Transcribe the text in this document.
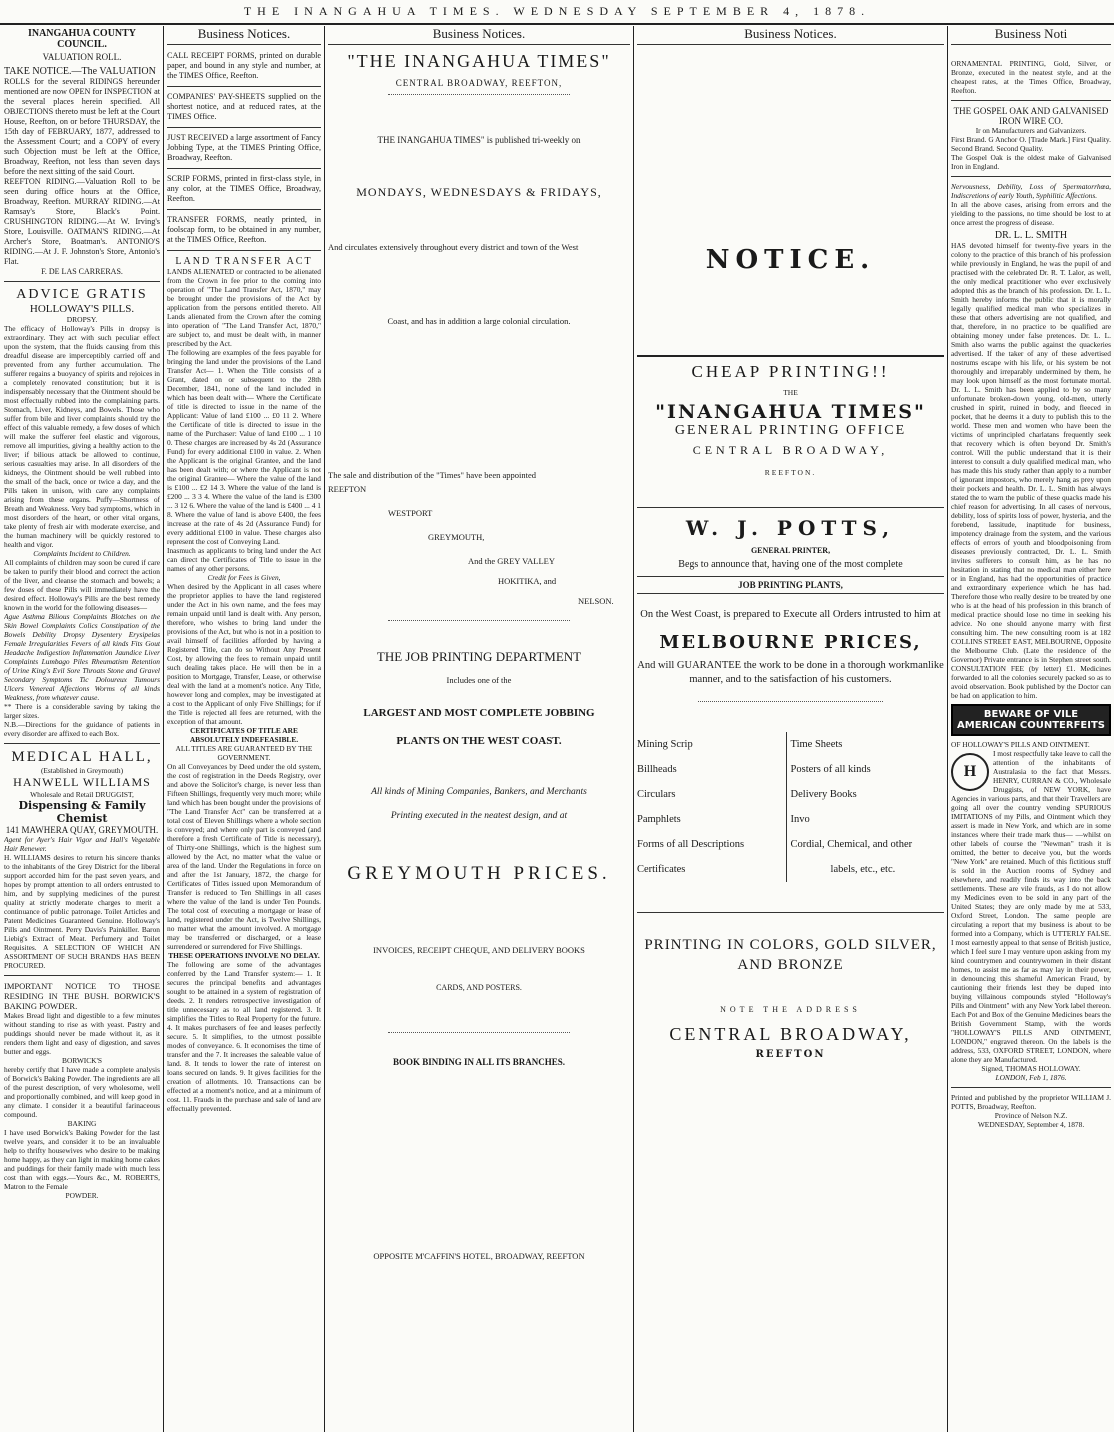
THE INANGAHUA TIMES. WEDNESDAY SEPTEMBER 4, 1878.
INANGAHUA COUNTY COUNCIL.
VALUATION ROLL.
TAKE NOTICE.—The VALUATION
ROLLS for the several RIDINGS hereunder mentioned are now OPEN for INSPECTION at the several places herein specified. All OBJECTIONS thereto must be left at the Court House, Reefton, on or before THURSDAY, the 15th day of FEBRUARY, 1877, addressed to the Assessment Court; and a COPY of every such Objection must be left at the Office, Broadway, Reefton, not less than seven days before the next sitting of the said Court.
REEFTON RIDING.—Valuation Roll to be seen during office hours at the Office, Broadway, Reefton. MURRAY RIDING.—At Ramsay's Store, Black's Point. CRUSHINGTON RIDING.—At W. Irving's Store, Louisville. OATMAN'S RIDING.—At Archer's Store, Boatman's. ANTONIO'S RIDING.—At J. F. Johnston's Store, Antonio's Flat.
F. DE LAS CARRERAS.
ADVICE GRATIS
HOLLOWAY'S PILLS.
DROPSY.
The efficacy of Holloway's Pills in dropsy is extraordinary. They act with such peculiar effect upon the system, that the fluids causing from this dreadful disease are imperceptibly carried off and prevented from any further accumulation. The sufferer regains a buoyancy of spirits and rejoices in a completely renovated constitution; but it is indispensably necessary that the Ointment should be most effectually rubbed into the complaining parts. Stomach, Liver, Kidneys, and Bowels. Those who suffer from bile and liver complaints should try the effect of this valuable remedy, a few doses of which will make the sufferer feel elastic and vigorous, remove all impurities, giving a healthy action to the liver; if bilious attack be allowed to continue, serious casualties may arise. In all disorders of the kidneys, the Ointment should be well rubbed into the small of the back, once or twice a day, and the Pills taken in unison, with care any complaints arising from these organs. Puffy—Shortness of Breath and Weakness. Very bad symptoms, which in most disorders of the heart, or other vital organs, take plenty of fresh air with moderate exercise, and the human machinery will be quickly restored to health and vigor.
Complaints Incident to Children.
All complaints of children may soon be cured if care be taken to purify their blood and correct the action of the liver, and cleanse the stomach and bowels; a few doses of these Pills will immediately have the desired effect. Holloway's Pills are the best remedy known in the world for the following diseases—
Ague Asthma Bilious Complaints Blotches on the Skin Bowel Complaints Colics Constipation of the Bowels Debility Dropsy Dysentery Erysipelas Female Irregularities Fevers of all kinds Fits Gout Headache Indigestion Inflammation Jaundice Liver Complaints Lumbago Piles Rheumatism Retention of Urine King's Evil Sore Throats Stone and Gravel Secondary Symptoms Tic Doloureux Tumours Ulcers Venereal Affections Worms of all kinds Weakness, from whatever cause.
** There is a considerable saving by taking the larger sizes.
N.B.—Directions for the guidance of patients in every disorder are affixed to each Box.
MEDICAL HALL,
(Established in Greymouth)
HANWELL WILLIAMS
Wholesale and Retail DRUGGIST,
Dispensing & Family Chemist
141 MAWHERA QUAY, GREYMOUTH.
Agent for Ayer's Hair Vigor and Hall's Vegetable Hair Renewer.
H. WILLIAMS desires to return his sincere thanks to the inhabitants of the Grey District for the liberal support accorded him for the past seven years, and hopes by prompt attention to all orders entrusted to him, and by supplying medicines of the purest quality at strictly moderate charges to merit a continuance of public patronage. Toilet Articles and Patent Medicines Guaranteed Genuine. Holloway's Pills and Ointment. Perry Davis's Painkiller. Baron Liebig's Extract of Meat. Perfumery and Toilet Requisites. A SELECTION OF WHICH AN ASSORTMENT OF SUCH BRANDS HAS BEEN PROCURED.
IMPORTANT NOTICE TO THOSE RESIDING IN THE BUSH. BORWICK'S BAKING POWDER.
Makes Bread light and digestible to a few minutes without standing to rise as with yeast. Pastry and puddings should never be made without it, as it renders them light and easy of digestion, and saves butter and eggs.
BORWICK'S
hereby certify that I have made a complete analysis of Borwick's Baking Powder. The ingredients are all of the purest description, of very wholesome, well and proportionally combined, and will keep good in any climate. I consider it a beautiful farinaceous compound.
BAKING
I have used Borwick's Baking Powder for the last twelve years, and consider it to be an invaluable help to thrifty housewives who desire to be making home happy, as they can light in making home cakes and puddings for their family made with much less cost than with eggs.—Yours &c., M. ROBERTS, Matron to the Female
POWDER.
Business Notices.
CALL RECEIPT FORMS, printed on durable paper, and bound in any style and number, at the TIMES Office, Reefton.
COMPANIES' PAY-SHEETS supplied on the shortest notice, and at reduced rates, at the TIMES Office.
JUST RECEIVED a large assortment of Fancy Jobbing Type, at the TIMES Printing Office, Broadway, Reefton.
SCRIP FORMS, printed in first-class style, in any color, at the TIMES Office, Broadway, Reefton.
TRANSFER FORMS, neatly printed, in foolscap form, to be obtained in any number, at the TIMES Office, Reefton.
LAND TRANSFER ACT
LANDS ALIENATED or contracted to be alienated from the Crown in fee prior to the coming into operation of "The Land Transfer Act, 1870," may be brought under the provisions of the Act by application from the persons entitled thereto. All Lands alienated from the Crown after the coming into operation of "The Land Transfer Act, 1870," are subject to, and must be dealt with, in manner prescribed by the Act.
The following are examples of the fees payable for bringing the land under the provisions of the Land Transfer Act— 1. When the Title consists of a Grant, dated on or subsequent to the 28th December, 1841, none of the land included in which has been dealt with— Where the Certificate of title is directed to issue in the name of the Applicant: Value of land £100 ... £0 11 2. Where the Certificate of title is directed to issue in the name of the Purchaser: Value of land £100 ... 1 10 0. These charges are increased by 4s 2d (Assurance Fund) for every additional £100 in value. 2. When the Applicant is the original Grantee, and the land has been dealt with; or where the Applicant is not the original Grantee— Where the value of the land is £100 ... £2 14 3. Where the value of the land is £200 ... 3 3 4. Where the value of the land is £300 ... 3 12 6. Where the value of the land is £400 ... 4 1 8. Where the value of land is above £400, the fees increase at the rate of 4s 2d (Assurance Fund) for every additional £100 in value. These charges also represent the cost of Conveying Land.
Inasmuch as applicants to bring land under the Act can direct the Certificates of Title to issue in the names of any other persons.
Credit for Fees is Given,
When desired by the Applicant in all cases where the proprietor applies to have the land registered under the Act in his own name, and the fees may remain unpaid until land is dealt with. Any person, therefore, who wishes to bring land under the provisions of the Act, but who is not in a position to avail himself of facilities afforded by having a Registered Title, can do so Without Any Present Cost, by allowing the fees to remain unpaid until such dealing takes place. He will then be in a position to Mortgage, Transfer, Lease, or otherwise deal with the land at a moment's notice. Any Title, however long and complex, may be investigated at a cost to the Applicant of only Five Shillings; for if the Title is rejected all fees are returned, with the exception of that amount.
CERTIFICATES OF TITLE ARE ABSOLUTELY INDEFEASIBLE.
ALL TITLES ARE GUARANTEED BY THE GOVERNMENT.
On all Conveyances by Deed under the old system, the cost of registration in the Deeds Registry, over and above the Solicitor's charge, is never less than Fifteen Shillings, frequently very much more; while land which has been bought under the provisions of "The Land Transfer Act" can be transferred at a total cost of Eleven Shillings where a whole section is conveyed; and where only part is conveyed (and therefore a fresh Certificate of Title is necessary), of Thirty-one Shillings, which is the highest sum allowed by the Act, no matter what the value or area of the land. Under the Regulations in force on and after the 1st January, 1872, the charge for Certificates of Titles issued upon Memorandum of Transfer is reduced to Ten Shillings in all cases where the value of the land is under Ten Pounds. The total cost of executing a mortgage or lease of land, registered under the Act, is Twelve Shillings, no matter what the amount involved. A mortgage may be transferred or discharged, or a lease surrendered or surrendered for Five Shillings.
THESE OPERATIONS INVOLVE NO DELAY.
The following are some of the advantages conferred by the Land Transfer system:— 1. It secures the principal benefits and advantages sought to be attained in a system of registration of deeds. 2. It renders retrospective investigation of title unnecessary as to all land registered. 3. It simplifies the Titles to Real Property for the future. 4. It makes purchasers of fee and leases perfectly secure. 5. It simplifies, to the utmost possible modes of conveyance. 6. It economises the time of transfer and the 7. It increases the saleable value of land. 8. It tends to lower the rate of interest on loans secured on lands. 9. It gives facilities for the creation of allotments. 10. Transactions can be effected at a moment's notice, and at a minimum of cost. 11. Frauds in the purchase and sale of land are effectually prevented.
Business Notices.
"THE INANGAHUA TIMES"
CENTRAL BROADWAY, REEFTON,
THE INANGAHUA TIMES" is published tri-weekly on
MONDAYS, WEDNESDAYS & FRIDAYS,
And circulates extensively throughout every district and town of the West
Coast, and has in addition a large colonial circulation.
The sale and distribution of the "Times" have been appointed
REEFTON
WESTPORT
GREYMOUTH,
And the GREY VALLEY
HOKITIKA, and
NELSON.
THE JOB PRINTING DEPARTMENT
Includes one of the
LARGEST AND MOST COMPLETE JOBBING
PLANTS ON THE WEST COAST.
All kinds of Mining Companies, Bankers, and Merchants
Printing executed in the neatest design, and at
GREYMOUTH PRICES.
INVOICES, RECEIPT CHEQUE, AND DELIVERY BOOKS
CARDS, AND POSTERS.
BOOK BINDING IN ALL ITS BRANCHES.
OPPOSITE M'CAFFIN'S HOTEL, BROADWAY, REEFTON
Business Notices.
NOTICE.
CHEAP PRINTING!!
THE
"INANGAHUA TIMES"
GENERAL PRINTING OFFICE
CENTRAL BROADWAY,
REEFTON.
W. J. POTTS,
GENERAL PRINTER,
Begs to announce that, having one of the most complete
JOB PRINTING PLANTS,
On the West Coast, is prepared to Execute all Orders intrusted to him at
MELBOURNE PRICES,
And will GUARANTEE the work to be done in a thorough workmanlike manner, and to the satisfaction of his customers.
Mining Scrip
Billheads
Circulars
Pamphlets
Forms of all Descriptions
Certificates
Time Sheets
Posters of all kinds
Delivery Books
Invo
Cordial, Chemical, and other
labels, etc., etc.
PRINTING IN COLORS, GOLD SILVER, AND BRONZE
NOTE THE ADDRESS
CENTRAL BROADWAY,
REEFTON
Business Noti
ORNAMENTAL PRINTING, Gold, Silver, or Bronze, executed in the neatest style, and at the cheapest rates, at the Times Office, Broadway, Reefton.
THE GOSPEL OAK AND GALVANISED IRON WIRE CO.
Ir on Manufacturers and Galvanizers.
First Brand. G Anchor O. [Trade Mark.] First Quality. Second Brand. Second Quality.
The Gospel Oak is the oldest make of Galvanised Iron in England.
Nervousness, Debility, Loss of Spermatorrhœa, Indiscretions of early Youth, Syphilitic Affections.
In all the above cases, arising from errors and the yielding to the passions, no time should be lost to at once arrest the progress of disease.
DR. L. L. SMITH
HAS devoted himself for twenty-five years in the colony to the practice of this branch of his profession while previously in England, he was the pupil of and practised with the celebrated Dr. R. T. Lalor, as well, the only medical practitioner who ever exclusively adopted this as the branch of his profession. Dr. L. L. Smith hereby informs the public that it is morally legally qualified medical man who specializes in these that others advertising are not qualified, and that, therefore, in no practice to be qualified are obtaining money under false pretences. Dr. L. L. Smith also warns the public against the quackeries advertised. If the taker of any of these advertised nostrums escape with his life, or his system be not thoroughly and irreparably undermined by them, he may look upon himself as the most fortunate mortal. Dr. L. L. Smith has been applied to by so many unfortunate broken-down young, old-men, utterly crushed in spirit, ruined in body, and fleeced in pocket, that he deems it a duty to publish this to the world. These men and women who have been the victims of unprincipled charlatans frequently seek that recovery which is often beyond Dr. Smith's control. Will the public understand that it is their interest to consult a duly qualified medical man, who has made this his study rather than apply to a number of ignorant impostors, who merely hang as prey upon their pockets and health. Dr. L. L. Smith has always stated the to warn the public of these quacks made his chief reason for advertising. In all cases of nervous, debility, loss of spirits loss of power, hysteria, and the forebend, lassitude, inaptitude for business, impotency drainage from the system, and the various effects of errors of youth and bloodpoisoning from diseases previously contracted, Dr. L. L. Smith invites sufferers to consult him, as he has no hesitation in stating that no medical man either here or in England, has had the opportunities of practice and extraordinary experience which he has had. Therefore those who really desire to be treated by one who is at the head of his profession in this branch of medical practice should lose no time in seeking his advice. No one should anyone marry with first consulting him. The new consulting room is at 182 COLLINS STREET EAST, MELBOURNE, Opposite the Melbourne Club. (Late the residence of the Governor) Private entrance is in Stephen street south. CONSULTATION FEE (by letter) £1. Medicines forwarded to all the colonies securely packed so as to avoid observation. Book published by the Doctor can be had on application to him.
BEWARE OF VILE AMERICAN COUNTERFEITS
OF HOLLOWAY'S PILLS AND OINTMENT.
H
I most respectfully take leave to call the attention of the inhabitants of Australasia to the fact that Messrs. HENRY, CURRAN & CO., Wholesale Druggists, of NEW YORK, have Agencies in various parts, and that their Travellers are going all over the country vending SPURIOUS IMITATIONS of my Pills, and Ointment which they assert is made in New York, and which are in some instances where their trade mark thus— —whilst on other labels of course the "Newman" trash it is omitted, the better to deceive you, but the words "New York" are retained. Much of this fictitious stuff is sold in the Auction rooms of Sydney and elsewhere, and readily finds its way into the back settlements. These are vile frauds, as I do not allow my Medicines even to be sold in any part of the United States; they are only made by me at 533, Oxford Street, London. The same people are circulating a report that my business is about to be formed into a Company, which is UTTERLY FALSE. I most earnestly appeal to that sense of British justice, which I feel sure I may venture upon asking from my kind countrymen and countrywomen in their distant homes, to assist me as far as may lay in their power, in denouncing this shameful American Fraud, by cautioning their friends lest they be duped into buying villainous compounds styled "Holloway's Pills and Ointment" with any New York label thereon. Each Pot and Box of the Genuine Medicines bears the British Government Stamp, with the words "HOLLOWAY'S PILLS AND OINTMENT, LONDON," engraved thereon. On the labels is the address, 533, OXFORD STREET, LONDON, where alone they are Manufactured.
Signed, THOMAS HOLLOWAY.
LONDON, Feb 1, 1876.
Printed and published by the proprietor WILLIAM J. POTTS, Broadway, Reefton.
Province of Nelson N.Z.
WEDNESDAY, September 4, 1878.
